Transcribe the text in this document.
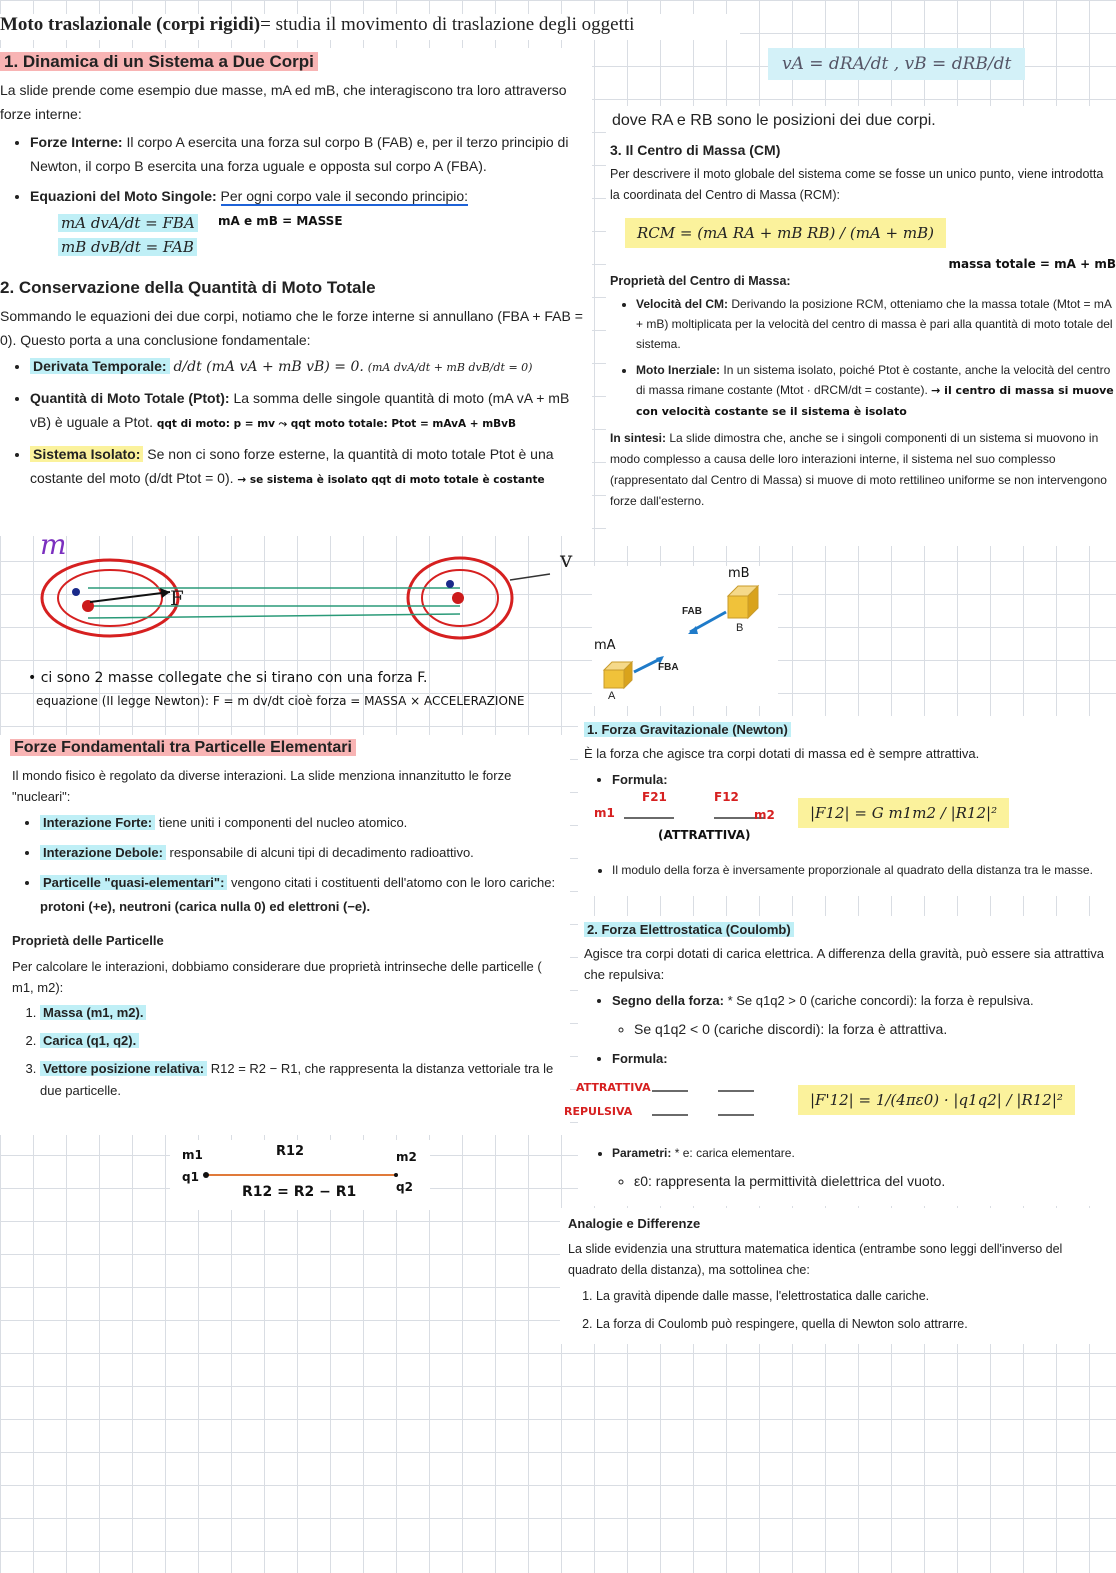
Moto traslazionale (corpi rigidi)= studia il movimento di traslazione degli oggetti
1. Dinamica di un Sistema a Due Corpi

La slide prende come esempio due masse, mA ed mB, che interagiscono tra loro attraverso forze interne:

• Forze Interne: Il corpo A esercita una forza sul corpo B (FAB) e, per il terzo principio di Newton, il corpo B esercita una forza uguale e opposta sul corpo A (FBA).
• Equazioni del Moto Singole: Per ogni corpo vale il secondo principio:
mA dvA/dt = FBA
mB dvB/dt = FAB
mA e mB = MASSE
2. Conservazione della Quantità di Moto Totale

Sommando le equazioni dei due corpi, notiamo che le forze interne si annullano (FBA + FAB = 0). Questo porta a una conclusione fondamentale:

• Derivata Temporale: d/dt (mA vA + mB vB) = 0. (mA dvA/dt + mB dvB/dt = 0)
• Quantità di Moto Totale (Ptot): La somma delle singole quantità di moto (mA vA + mB vB) è uguale a Ptot. qqt di moto: p = mv ⤳ qqt moto totale: Ptot = mAvA + mBvB
• Sistema Isolato: Se non ci sono forze esterne, la quantità di moto totale Ptot è una costante del moto (d/dt Ptot = 0). → se sistema è isolato qqt di moto totale è costante
m
F
v
• ci sono 2 masse collegate che si tirano con una forza F.
equazione (II legge Newton): F = m dv/dt cioè forza = MASSA × ACCELERAZIONE
vA = dRA/dt , vB = dRB/dt

dove RA e RB sono le posizioni dei due corpi.

3. Il Centro di Massa (CM)

Per descrivere il moto globale del sistema come se fosse un unico punto, viene introdotta la coordinata del Centro di Massa (RCM):

RCM = (mA RA + mB RB) / (mA + mB)
Proprietà del Centro di Massa:
massa totale = mA + mB
• Velocità del CM: Derivando la posizione RCM, otteniamo che la massa totale (Mtot = mA + mB) moltiplicata per la velocità del centro di massa è pari alla quantità di moto totale del sistema.
• Moto Inerziale: In un sistema isolato, poiché Ptot è costante, anche la velocità del centro di massa rimane costante (Mtot · dRCM/dt = costante). → il centro di massa si muove con velocità costante se il sistema è isolato

In sintesi: La slide dimostra che, anche se i singoli componenti di un sistema si muovono in modo complesso a causa delle loro interazioni interne, il sistema nel suo complesso (rappresentato dal Centro di Massa) si muove di moto rettilineo uniforme se non intervengono forze dall'esterno.

mB
mA
FAB
FBA
B
A
Forze Fondamentali tra Particelle Elementari

Il mondo fisico è regolato da diverse interazioni. La slide menziona innanzitutto le forze "nucleari":

• Interazione Forte: tiene uniti i componenti del nucleo atomico.
• Interazione Debole: responsabile di alcuni tipi di decadimento radioattivo.
• Particelle "quasi-elementari": vengono citati i costituenti dell'atomo con le loro cariche: protoni (+e), neutroni (carica nulla 0) ed elettroni (−e).
Proprietà delle Particelle

Per calcolare le interazioni, dobbiamo considerare due proprietà intrinseche delle particelle ( m1, m2):

1. Massa (m1, m2).
2. Carica (q1, q2).
3. Vettore posizione relativa: R12 = R2 − R1, che rappresenta la distanza vettoriale tra le due particelle.
m1
q1
m2
q2
R12
R12 = R2 − R1
1. Forza Gravitazionale (Newton)

È la forza che agisce tra corpi dotati di massa ed è sempre attrattiva.

• Formula:
m1
F21	F12
m2
(ATTRATTIVA)
|F12| = G m1m2 / |R12|²
• Il modulo della forza è inversamente proporzionale al quadrato della distanza tra le masse.
2. Forza Elettrostatica (Coulomb)

Agisce tra corpi dotati di carica elettrica. A differenza della gravità, può essere sia attrattiva che repulsiva:

• Segno della forza: * Se q1q2 > 0 (cariche concordi): la forza è repulsiva.
◦ Se q1q2 < 0 (cariche discordi): la forza è attrattiva.
• Formula:
ATTRATTIVA
REPULSIVA
|F'12| = 1/(4πε0) · |q1q2| / |R12|²
• Parametri: * e: carica elementare.
◦ ε0: rappresenta la permittività dielettrica del vuoto.
Analogie e Differenze

La slide evidenzia una struttura matematica identica (entrambe sono leggi dell'inverso del quadrato della distanza), ma sottolinea che:

1. La gravità dipende dalle masse, l'elettrostatica dalle cariche.
2. La forza di Coulomb può respingere, quella di Newton solo attrarre.
